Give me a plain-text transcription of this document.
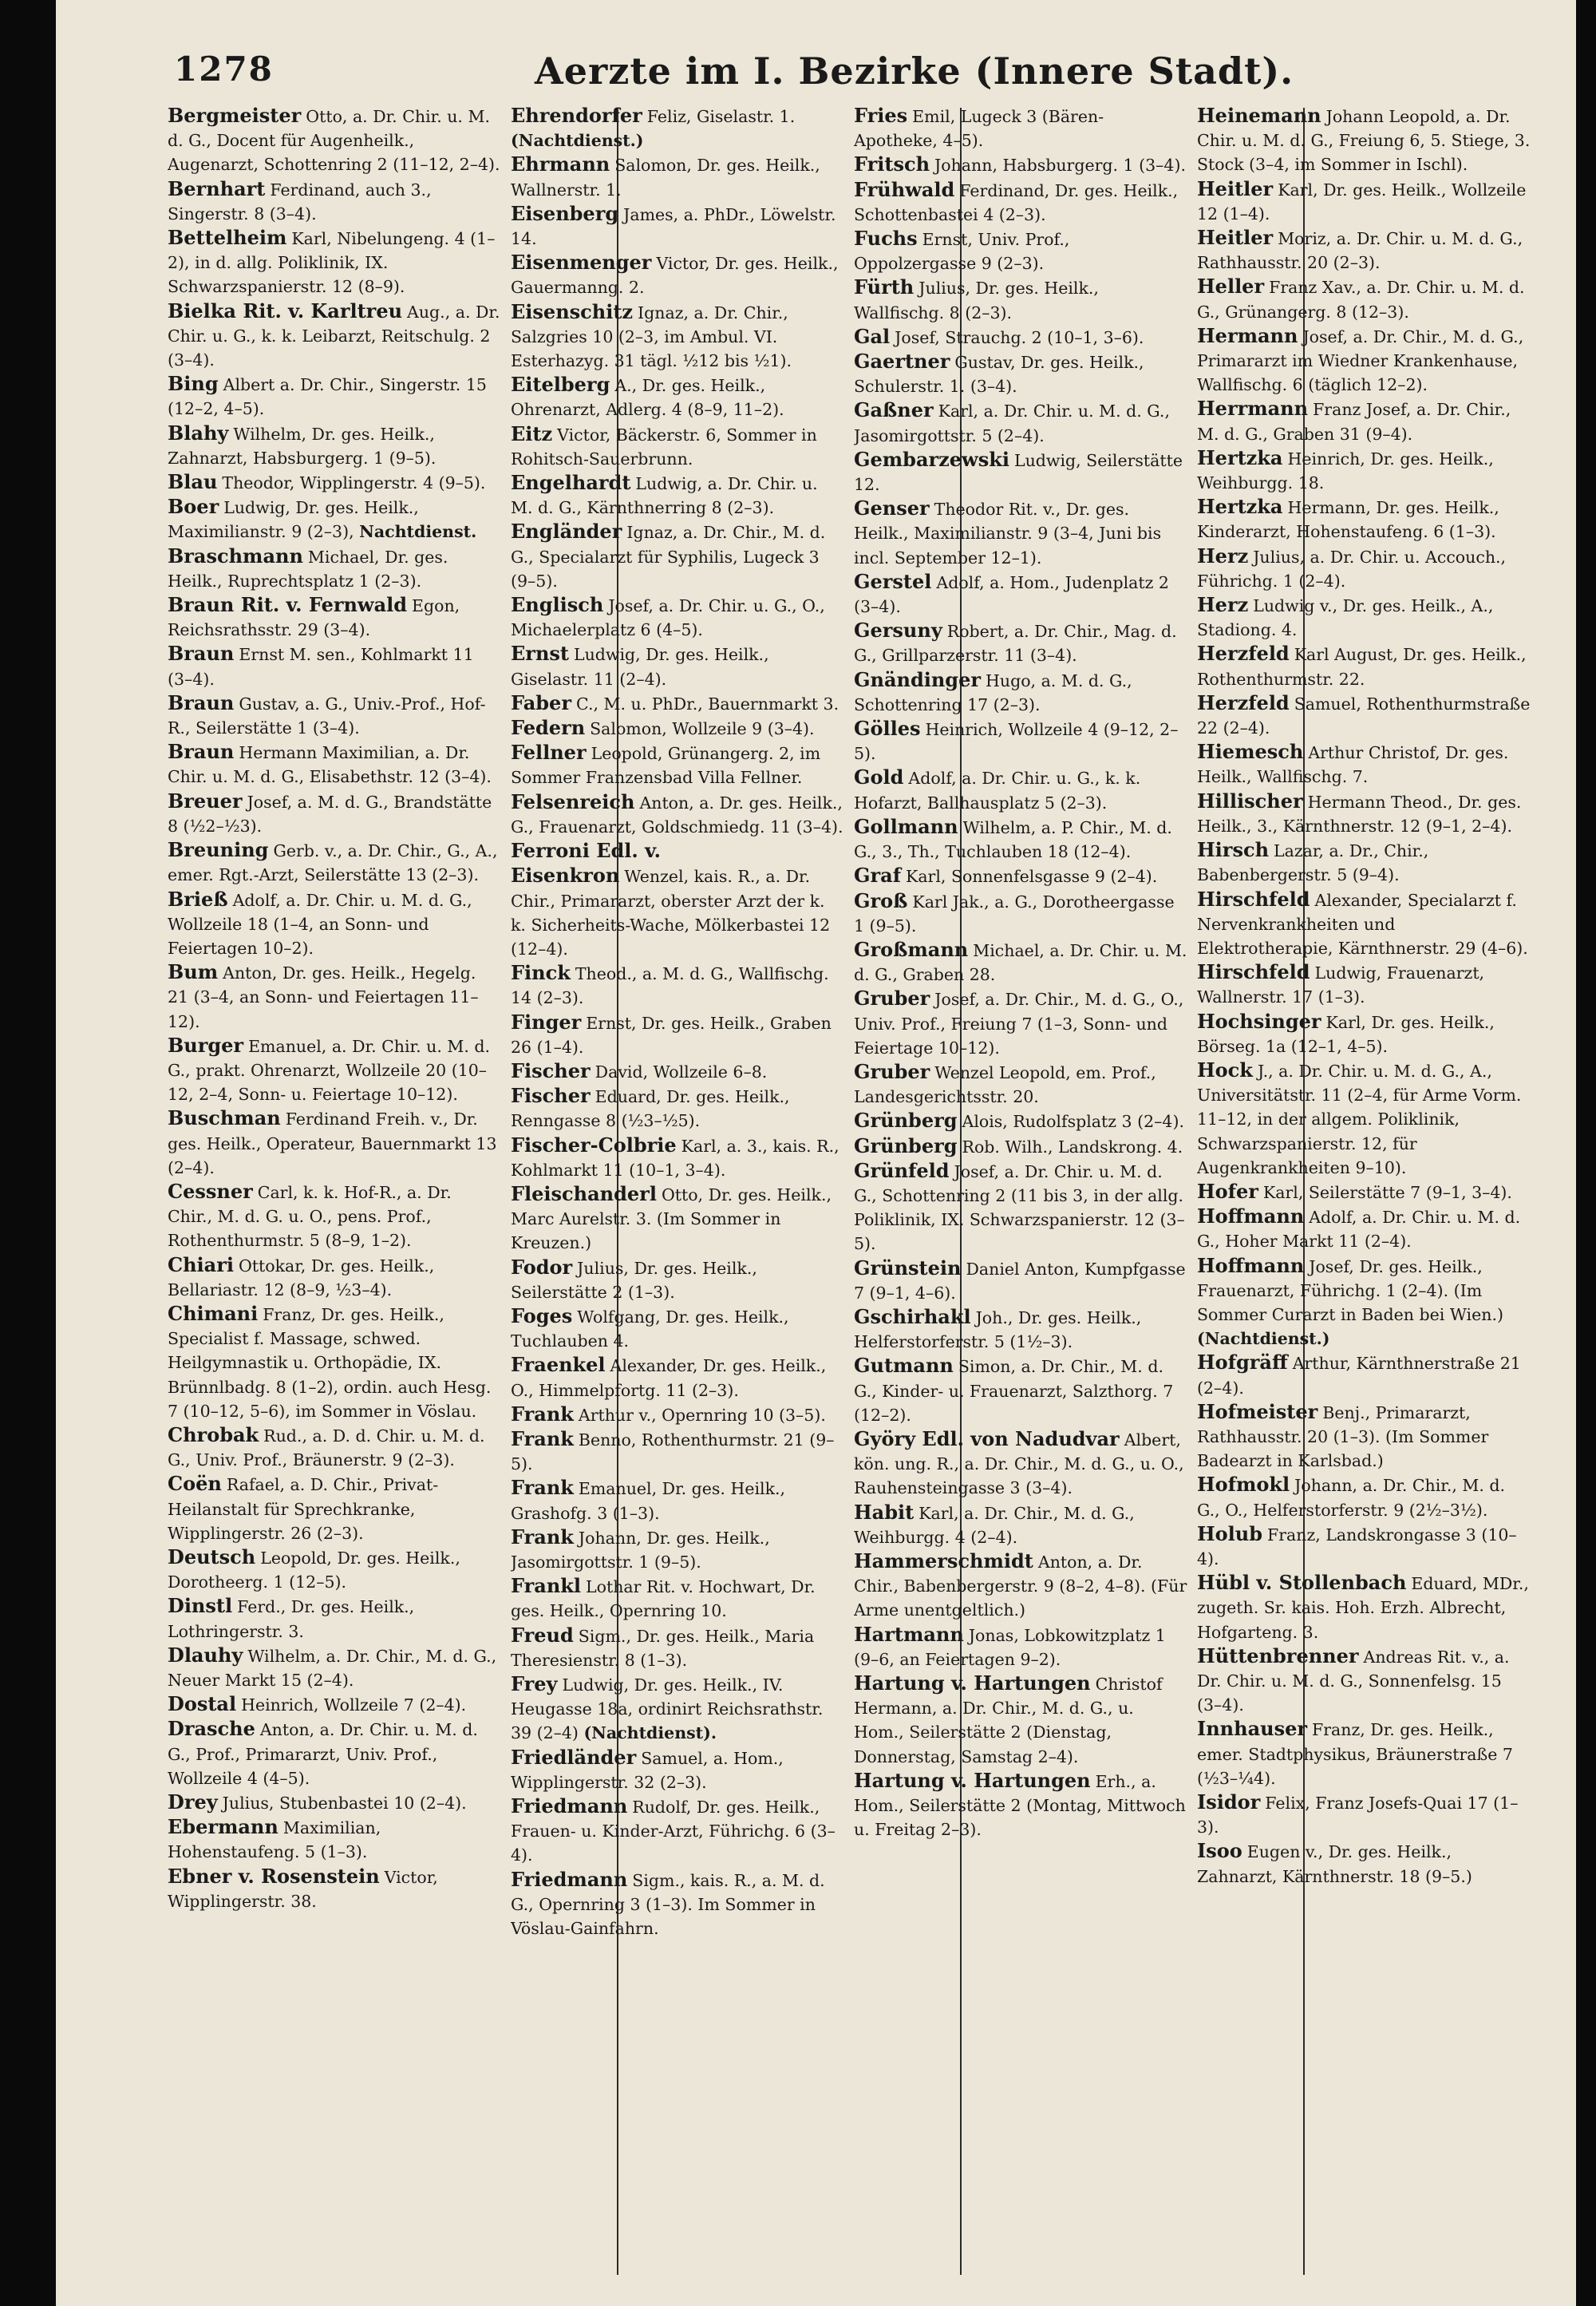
1278	Aerzte im I. Bezirke (Innere Stadt).
Bergmeister Otto, a. Dr. Chir. u. M. d. G., Docent für Augenheilk., Augenarzt, Schottenring 2 (11–12, 2–4).
Bernhart Ferdinand, auch 3., Singerstr. 8 (3–4).
Bettelheim Karl, Nibelungeng. 4 (1–2), in d. allg. Poliklinik, IX. Schwarzspanierstr. 12 (8–9).
Bielka Rit. v. Karltreu Aug., a. Dr. Chir. u. G., k. k. Leibarzt, Reitschulg. 2 (3–4).
Bing Albert a. Dr. Chir., Singerstr. 15 (12–2, 4–5).
Blahy Wilhelm, Dr. ges. Heilk., Zahnarzt, Habsburgerg. 1 (9–5).
Blau Theodor, Wipplingerstr. 4 (9–5).
Boer Ludwig, Dr. ges. Heilk., Maximilianstr. 9 (2–3), Nachtdienst.
Braschmann Michael, Dr. ges. Heilk., Ruprechtsplatz 1 (2–3).
Braun Rit. v. Fernwald Egon, Reichsrathsstr. 29 (3–4).
Braun Ernst M. sen., Kohlmarkt 11 (3–4).
Braun Gustav, a. G., Univ.-Prof., Hof-R., Seilerstätte 1 (3–4).
Braun Hermann Maximilian, a. Dr. Chir. u. M. d. G., Elisabethstr. 12 (3–4).
Breuer Josef, a. M. d. G., Brandstätte 8 (½2–½3).
Breuning Gerb. v., a. Dr. Chir., G., A., emer. Rgt.-Arzt, Seilerstätte 13 (2–3).
Brieß Adolf, a. Dr. Chir. u. M. d. G., Wollzeile 18 (1–4, an Sonn- und Feiertagen 10–2).
Bum Anton, Dr. ges. Heilk., Hegelg. 21 (3–4, an Sonn- und Feiertagen 11–12).
Burger Emanuel, a. Dr. Chir. u. M. d. G., prakt. Ohrenarzt, Wollzeile 20 (10–12, 2–4, Sonn- u. Feiertage 10–12).
Buschman Ferdinand Freih. v., Dr. ges. Heilk., Operateur, Bauernmarkt 13 (2–4).
Cessner Carl, k. k. Hof-R., a. Dr. Chir., M. d. G. u. O., pens. Prof., Rothenthurmstr. 5 (8–9, 1–2).
Chiari Ottokar, Dr. ges. Heilk., Bellariastr. 12 (8–9, ½3–4).
Chimani Franz, Dr. ges. Heilk., Specialist f. Massage, schwed. Heilgymnastik u. Orthopädie, IX. Brünnlbadg. 8 (1–2), ordin. auch Hesg. 7 (10–12, 5–6), im Sommer in Vöslau.
Chrobak Rud., a. D. d. Chir. u. M. d. G., Univ. Prof., Bräunerstr. 9 (2–3).
Coën Rafael, a. D. Chir., Privat-Heilanstalt für Sprechkranke, Wipplingerstr. 26 (2–3).
Deutsch Leopold, Dr. ges. Heilk., Dorotheerg. 1 (12–5).
Dinstl Ferd., Dr. ges. Heilk., Lothringerstr. 3.
Dlauhy Wilhelm, a. Dr. Chir., M. d. G., Neuer Markt 15 (2–4).
Dostal Heinrich, Wollzeile 7 (2–4).
Drasche Anton, a. Dr. Chir. u. M. d. G., Prof., Primararzt, Univ. Prof., Wollzeile 4 (4–5).
Drey Julius, Stubenbastei 10 (2–4).
Ebermann Maximilian, Hohenstaufeng. 5 (1–3).
Ebner v. Rosenstein Victor, Wipplingerstr. 38.
Ehrendorfer Feliz, Giselastr. 1. (Nachtdienst.)
Ehrmann Salomon, Dr. ges. Heilk., Wallnerstr. 1.
Eisenberg James, a. PhDr., Löwelstr. 14.
Eisenmenger Victor, Dr. ges. Heilk., Gauermanng. 2.
Eisenschitz Ignaz, a. Dr. Chir., Salzgries 10 (2–3, im Ambul. VI. Esterhazyg. 31 tägl. ½12 bis ½1).
Eitelberg A., Dr. ges. Heilk., Ohrenarzt, Adlerg. 4 (8–9, 11–2).
Eitz Victor, Bäckerstr. 6, Sommer in Rohitsch-Sauerbrunn.
Engelhardt Ludwig, a. Dr. Chir. u. M. d. G., Kärnthnerring 8 (2–3).
Engländer Ignaz, a. Dr. Chir., M. d. G., Specialarzt für Syphilis, Lugeck 3 (9–5).
Englisch Josef, a. Dr. Chir. u. G., O., Michaelerplatz 6 (4–5).
Ernst Ludwig, Dr. ges. Heilk., Giselastr. 11 (2–4).
Faber C., M. u. PhDr., Bauernmarkt 3.
Federn Salomon, Wollzeile 9 (3–4).
Fellner Leopold, Grünangerg. 2, im Sommer Franzensbad Villa Fellner.
Felsenreich Anton, a. Dr. ges. Heilk., G., Frauenarzt, Goldschmiedg. 11 (3–4).
Ferroni Edl. v. Eisenkron Wenzel, kais. R., a. Dr. Chir., Primararzt, oberster Arzt der k. k. Sicherheits-Wache, Mölkerbastei 12 (12–4).
Finck Theod., a. M. d. G., Wallfischg. 14 (2–3).
Finger Ernst, Dr. ges. Heilk., Graben 26 (1–4).
Fischer David, Wollzeile 6–8.
Fischer Eduard, Dr. ges. Heilk., Renngasse 8 (½3–½5).
Fischer-Colbrie Karl, a. 3., kais. R., Kohlmarkt 11 (10–1, 3–4).
Fleischanderl Otto, Dr. ges. Heilk., Marc Aurelstr. 3. (Im Sommer in Kreuzen.)
Fodor Julius, Dr. ges. Heilk., Seilerstätte 2 (1–3).
Foges Wolfgang, Dr. ges. Heilk., Tuchlauben 4.
Fraenkel Alexander, Dr. ges. Heilk., O., Himmelpfortg. 11 (2–3).
Frank Arthur v., Opernring 10 (3–5).
Frank Benno, Rothenthurmstr. 21 (9–5).
Frank Emanuel, Dr. ges. Heilk., Grashofg. 3 (1–3).
Frank Johann, Dr. ges. Heilk., Jasomirgottstr. 1 (9–5).
Frankl Lothar Rit. v. Hochwart, Dr. ges. Heilk., Opernring 10.
Freud Sigm., Dr. ges. Heilk., Maria Theresienstr. 8 (1–3).
Frey Ludwig, Dr. ges. Heilk., IV. Heugasse 18a, ordinirt Reichsrathstr. 39 (2–4) (Nachtdienst).
Friedländer Samuel, a. Hom., Wipplingerstr. 32 (2–3).
Friedmann Rudolf, Dr. ges. Heilk., Frauen- u. Kinder-Arzt, Führichg. 6 (3–4).
Friedmann Sigm., kais. R., a. M. d. G., Opernring 3 (1–3). Im Sommer in Vöslau-Gainfahrn.
Fries Emil, Lugeck 3 (Bären-Apotheke, 4–5).
Fritsch Johann, Habsburgerg. 1 (3–4).
Frühwald Ferdinand, Dr. ges. Heilk., Schottenbastei 4 (2–3).
Fuchs Ernst, Univ. Prof., Oppolzergasse 9 (2–3).
Fürth Julius, Dr. ges. Heilk., Wallfischg. 8 (2–3).
Gal Josef, Strauchg. 2 (10–1, 3–6).
Gaertner Gustav, Dr. ges. Heilk., Schulerstr. 1. (3–4).
Gaßner Karl, a. Dr. Chir. u. M. d. G., Jasomirgottstr. 5 (2–4).
Gembarzewski Ludwig, Seilerstätte 12.
Genser Theodor Rit. v., Dr. ges. Heilk., Maximilianstr. 9 (3–4, Juni bis incl. September 12–1).
Gerstel Adolf, a. Hom., Judenplatz 2 (3–4).
Gersuny Robert, a. Dr. Chir., Mag. d. G., Grillparzerstr. 11 (3–4).
Gnändinger Hugo, a. M. d. G., Schottenring 17 (2–3).
Gölles Heinrich, Wollzeile 4 (9–12, 2–5).
Gold Adolf, a. Dr. Chir. u. G., k. k. Hofarzt, Ballhausplatz 5 (2–3).
Gollmann Wilhelm, a. P. Chir., M. d. G., 3., Th., Tuchlauben 18 (12–4).
Graf Karl, Sonnenfelsgasse 9 (2–4).
Groß Karl Jak., a. G., Dorotheergasse 1 (9–5).
Großmann Michael, a. Dr. Chir. u. M. d. G., Graben 28.
Gruber Josef, a. Dr. Chir., M. d. G., O., Univ. Prof., Freiung 7 (1–3, Sonn- und Feiertage 10–12).
Gruber Wenzel Leopold, em. Prof., Landesgerichtsstr. 20.
Grünberg Alois, Rudolfsplatz 3 (2–4).
Grünberg Rob. Wilh., Landskrong. 4.
Grünfeld Josef, a. Dr. Chir. u. M. d. G., Schottenring 2 (11 bis 3, in der allg. Poliklinik, IX. Schwarzspanierstr. 12 (3–5).
Grünstein Daniel Anton, Kumpfgasse 7 (9–1, 4–6).
Gschirhakl Joh., Dr. ges. Heilk., Helferstorferstr. 5 (1½–3).
Gutmann Simon, a. Dr. Chir., M. d. G., Kinder- u. Frauenarzt, Salzthorg. 7 (12–2).
Györy Edl. von Nadudvar Albert, kön. ung. R., a. Dr. Chir., M. d. G., u. O., Rauhensteingasse 3 (3–4).
Habit Karl, a. Dr. Chir., M. d. G., Weihburgg. 4 (2–4).
Hammerschmidt Anton, a. Dr. Chir., Babenbergerstr. 9 (8–2, 4–8). (Für Arme unentgeltlich.)
Hartmann Jonas, Lobkowitzplatz 1 (9–6, an Feiertagen 9–2).
Hartung v. Hartungen Christof Hermann, a. Dr. Chir., M. d. G., u. Hom., Seilerstätte 2 (Dienstag, Donnerstag, Samstag 2–4).
Hartung v. Hartungen Erh., a. Hom., Seilerstätte 2 (Montag, Mittwoch u. Freitag 2–3).
Heinemann Johann Leopold, a. Dr. Chir. u. M. d. G., Freiung 6, 5. Stiege, 3. Stock (3–4, im Sommer in Ischl).
Heitler Karl, Dr. ges. Heilk., Wollzeile 12 (1–4).
Heitler Moriz, a. Dr. Chir. u. M. d. G., Rathhausstr. 20 (2–3).
Heller Franz Xav., a. Dr. Chir. u. M. d. G., Grünangerg. 8 (12–3).
Hermann Josef, a. Dr. Chir., M. d. G., Primararzt im Wiedner Krankenhause, Wallfischg. 6 (täglich 12–2).
Herrmann Franz Josef, a. Dr. Chir., M. d. G., Graben 31 (9–4).
Hertzka Heinrich, Dr. ges. Heilk., Weihburgg. 18.
Hertzka Hermann, Dr. ges. Heilk., Kinderarzt, Hohenstaufeng. 6 (1–3).
Herz Julius, a. Dr. Chir. u. Accouch., Führichg. 1 (2–4).
Herz Ludwig v., Dr. ges. Heilk., A., Stadiong. 4.
Herzfeld Karl August, Dr. ges. Heilk., Rothenthurmstr. 22.
Herzfeld Samuel, Rothenthurmstraße 22 (2–4).
Hiemesch Arthur Christof, Dr. ges. Heilk., Wallfischg. 7.
Hillischer Hermann Theod., Dr. ges. Heilk., 3., Kärnthnerstr. 12 (9–1, 2–4).
Hirsch Lazar, a. Dr., Chir., Babenbergerstr. 5 (9–4).
Hirschfeld Alexander, Specialarzt f. Nervenkrankheiten und Elektrotherapie, Kärnthnerstr. 29 (4–6).
Hirschfeld Ludwig, Frauenarzt, Wallnerstr. 17 (1–3).
Hochsinger Karl, Dr. ges. Heilk., Börseg. 1a (12–1, 4–5).
Hock J., a. Dr. Chir. u. M. d. G., A., Universitätstr. 11 (2–4, für Arme Vorm. 11–12, in der allgem. Poliklinik, Schwarzspanierstr. 12, für Augenkrankheiten 9–10).
Hofer Karl, Seilerstätte 7 (9–1, 3–4).
Hoffmann Adolf, a. Dr. Chir. u. M. d. G., Hoher Markt 11 (2–4).
Hoffmann Josef, Dr. ges. Heilk., Frauenarzt, Führichg. 1 (2–4). (Im Sommer Curarzt in Baden bei Wien.) (Nachtdienst.)
Hofgräff Arthur, Kärnthnerstraße 21 (2–4).
Hofmeister Benj., Primararzt, Rathhausstr. 20 (1–3). (Im Sommer Badearzt in Karlsbad.)
Hofmokl Johann, a. Dr. Chir., M. d. G., O., Helferstorferstr. 9 (2½–3½).
Holub Franz, Landskrongasse 3 (10–4).
Hübl v. Stollenbach Eduard, MDr., zugeth. Sr. kais. Hoh. Erzh. Albrecht, Hofgarteng. 3.
Hüttenbrenner Andreas Rit. v., a. Dr. Chir. u. M. d. G., Sonnenfelsg. 15 (3–4).
Innhauser Franz, Dr. ges. Heilk., emer. Stadtphysikus, Bräunerstraße 7 (½3–¼4).
Isidor Felix, Franz Josefs-Quai 17 (1–3).
Isoo Eugen v., Dr. ges. Heilk., Zahnarzt, Kärnthnerstr. 18 (9–5.)
